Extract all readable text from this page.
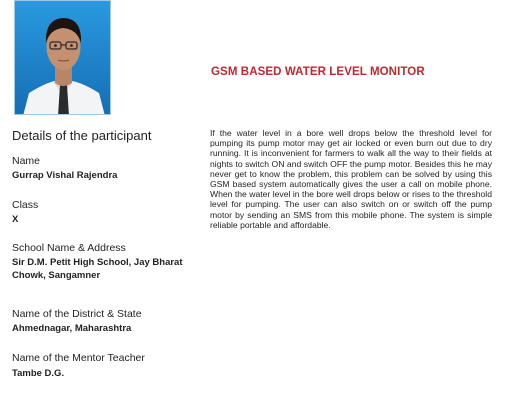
GSM BASED WATER LEVEL MONITOR
Details of the participant
Name
Gurrap Vishal Rajendra
Class
X
School Name & Address
Sir D.M. Petit High School, Jay Bharat Chowk, Sangamner
Name of the District & State
Ahmednagar, Maharashtra
Name of the Mentor Teacher
Tambe D.G.
If the water level in a bore well drops below the threshold level for pumping its pump motor may get air locked or even burn out due to dry running. It is inconvenient for farmers to walk all the way to their fields at nights to switch ON and switch OFF the pump motor. Besides this he may never get to know the problem, this problem can be solved by using this GSM based system automatically gives the user a call on mobile phone. When the water level in the bore well drops below or rises to the threshold level for pumping. The user can also switch on or switch off the pump motor by sending an SMS from this mobile phone. The system is simple reliable portable and affordable.
